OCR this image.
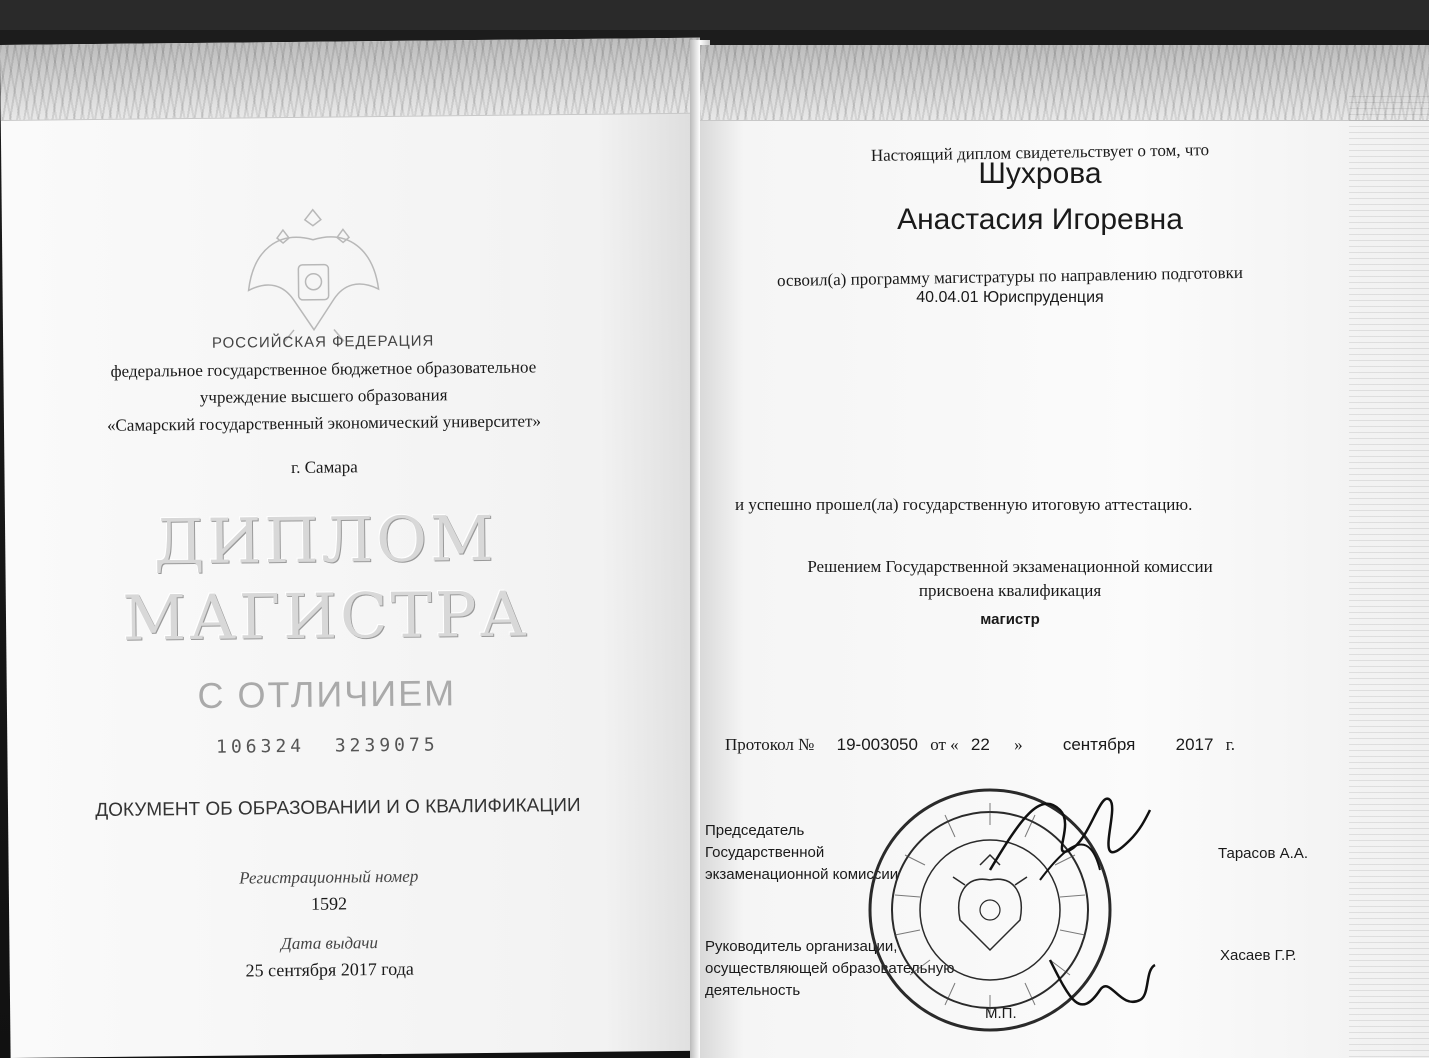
РОССИЙСКАЯ ФЕДЕРАЦИЯ
федеральное государственное бюджетное образовательное
учреждение высшего образования
«Самарский государственный экономический университет»
г. Самара
ДИПЛОМ
МАГИСТРА
С ОТЛИЧИЕМ
106324 3239075
ДОКУМЕНТ ОБ ОБРАЗОВАНИИ И О КВАЛИФИКАЦИИ
Регистрационный номер
1592
Дата выдачи
25 сентября 2017 года
Настоящий диплом свидетельствует о том, что
Шухрова
Анастасия Игоревна
освоил(а) программу магистратуры по направлению подготовки
40.04.01 Юриспруденция
и успешно прошел(ла) государственную итоговую аттестацию.
Решением Государственной экзаменационной комиссии
присвоена квалификация
магистр
Протокол № 19-003050 от « 22 » сентября 2017 г.
Председатель
Государственной
экзаменационной комиссии
Тарасов А.А.
Руководитель организации,
осуществляющей образовательную
деятельность
Хасаев Г.Р.
М.П.
